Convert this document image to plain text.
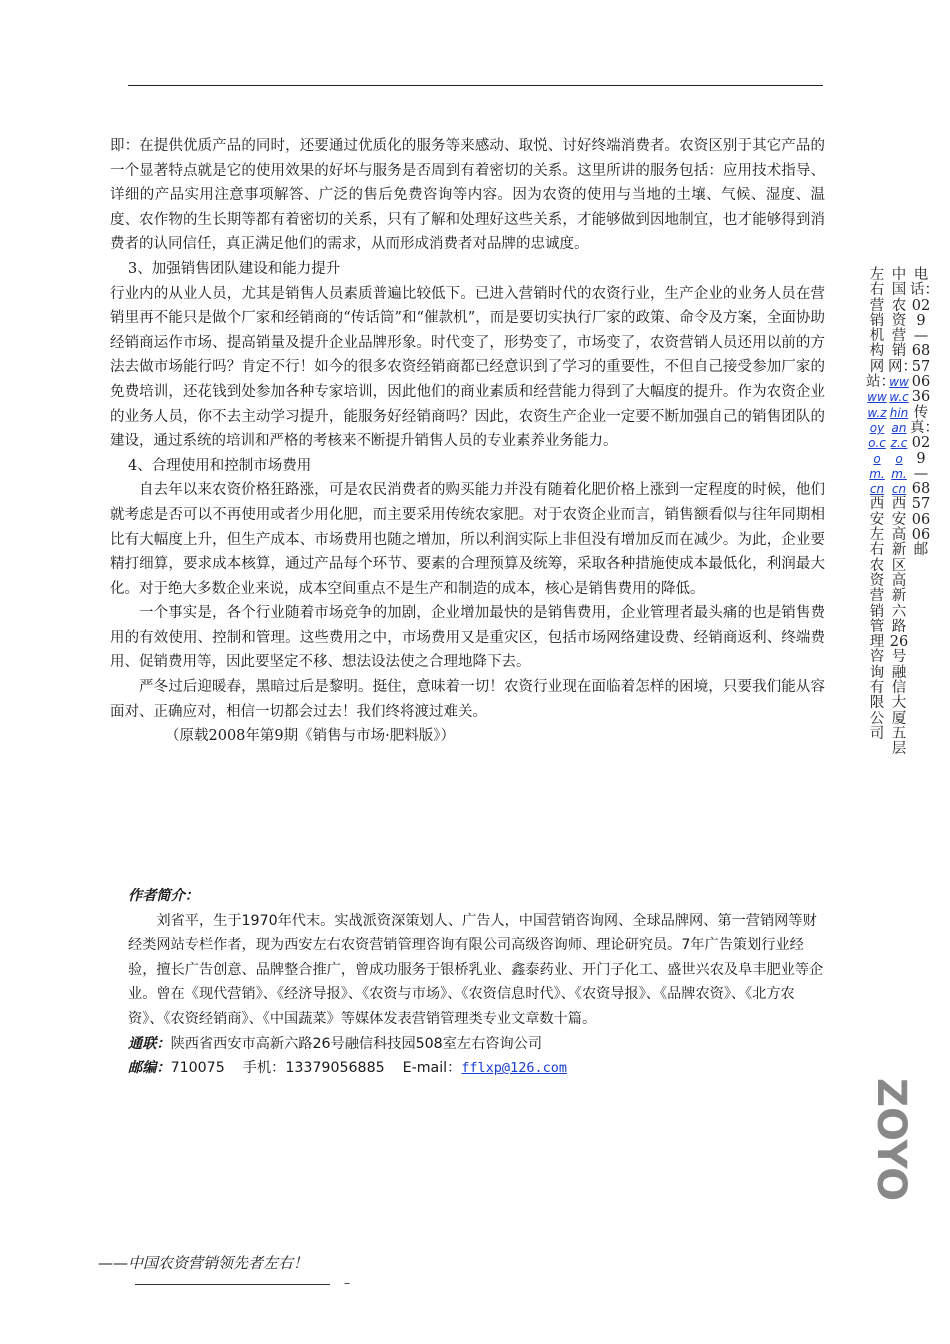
即：在提供优质产品的同时，还要通过优质化的服务等来感动、取悦、讨好终端消费者。农资区别于其它产品的一个显著特点就是它的使用效果的好坏与服务是否周到有着密切的关系。这里所讲的服务包括：应用技术指导、详细的产品实用注意事项解答、广泛的售后免费咨询等内容。因为农资的使用与当地的土壤、气候、湿度、温度、农作物的生长期等都有着密切的关系，只有了解和处理好这些关系，才能够做到因地制宜，也才能够得到消费者的认同信任，真正满足他们的需求，从而形成消费者对品牌的忠诚度。

3、加强销售团队建设和能力提升

行业内的从业人员，尤其是销售人员素质普遍比较低下。已进入营销时代的农资行业，生产企业的业务人员在营销里再不能只是做个厂家和经销商的“传话筒”和“催款机”，而是要切实执行厂家的政策、命令及方案，全面协助经销商运作市场、提高销量及提升企业品牌形象。时代变了，形势变了，市场变了，农资营销人员还用以前的方法去做市场能行吗？肯定不行！如今的很多农资经销商都已经意识到了学习的重要性，不但自己接受参加厂家的免费培训，还花钱到处参加各种专家培训，因此他们的商业素质和经营能力得到了大幅度的提升。作为农资企业的业务人员，你不去主动学习提升，能服务好经销商吗？因此，农资生产企业一定要不断加强自己的销售团队的建设，通过系统的培训和严格的考核来不断提升销售人员的专业素养业务能力。

4、合理使用和控制市场费用

自去年以来农资价格狂路涨，可是农民消费者的购买能力并没有随着化肥价格上涨到一定程度的时候，他们就考虑是否可以不再使用或者少用化肥，而主要采用传统农家肥。对于农资企业而言，销售额看似与往年同期相比有大幅度上升，但生产成本、市场费用也随之增加，所以利润实际上非但没有增加反而在减少。为此，企业要精打细算，要求成本核算，通过产品每个环节、要素的合理预算及统筹，采取各种措施使成本最低化，利润最大化。对于绝大多数企业来说，成本空间重点不是生产和制造的成本，核心是销售费用的降低。

一个事实是，各个行业随着市场竞争的加剧，企业增加最快的是销售费用，企业管理者最头痛的也是销售费用的有效使用、控制和管理。这些费用之中，市场费用又是重灾区，包括市场网络建设费、经销商返利、终端费用、促销费用等，因此要坚定不移、想法设法使之合理地降下去。

严冬过后迎暖春，黑暗过后是黎明。挺住，意味着一切！农资行业现在面临着怎样的困境，只要我们能从容面对、正确应对，相信一切都会过去！我们终将渡过难关。

（原载2008年第9期《销售与市场·肥料版》）

作者简介：

刘省平，生于1970年代末。实战派资深策划人、广告人，中国营销咨询网、全球品牌网、第一营销网等财经类网站专栏作者，现为西安左右农资营销管理咨询有限公司高级咨询师、理论研究员。7年广告策划行业经验，擅长广告创意、品牌整合推广，曾成功服务于银桥乳业、鑫泰药业、开门子化工、盛世兴农及阜丰肥业等企业。曾在《现代营销》、《经济导报》、《农资与市场》、《农资信息时代》、《农资导报》、《品牌农资》、《北方农资》、《农资经销商》、《中国蔬菜》等媒体发表营销管理类专业文章数十篇。

通联：陕西省西安市高新六路26号融信科技园508室左右咨询公司

邮编：710075 手机：13379056885 E-mail：fflxp@126.com

左右营销机构网站：www.zoyo.com.cn西安左右农资营销管理咨询有限公司
中国农资营销网：www.chinanz.com.cn西安高新区高新六路26号融信大厦五层
电话：029—68570636 传真：029—68570606 邮
ZOYO
——中国农资营销领先者左右！
–
